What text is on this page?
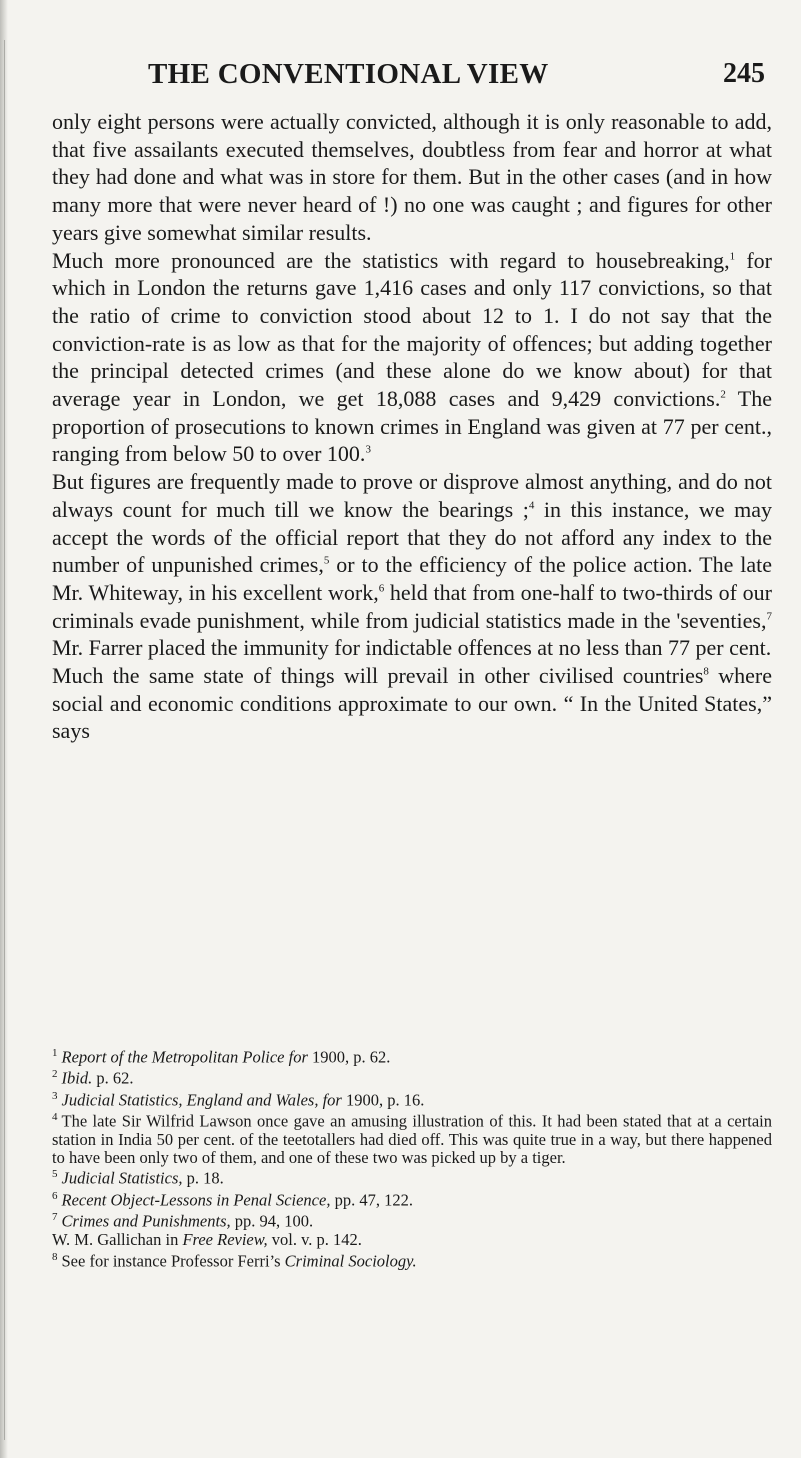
THE CONVENTIONAL VIEW	245

only eight persons were actually convicted, although it is only reasonable to add, that five assailants executed themselves, doubtless from fear and horror at what they had done and what was in store for them. But in the other cases (and in how many more that were never heard of !) no one was caught ; and figures for other years give somewhat similar results.

Much more pronounced are the statistics with regard to housebreaking,$^1$ for which in London the returns gave 1,416 cases and only 117 convictions, so that the ratio of crime to conviction stood about 12 to 1. I do not say that the conviction-rate is as low as that for the majority of offences; but adding together the principal detected crimes (and these alone do we know about) for that average year in London, we get 18,088 cases and 9,429 convictions.$^2$ The proportion of prosecutions to known crimes in England was given at 77 per cent., ranging from below 50 to over 100.$^3$

But figures are frequently made to prove or disprove almost anything, and do not always count for much till we know the bearings ;$^4$ in this instance, we may accept the words of the official report that they do not afford any index to the number of unpunished crimes,$^5$ or to the efficiency of the police action. The late Mr. Whiteway, in his excellent work,$^6$ held that from one-half to two-thirds of our criminals evade punishment, while from judicial statistics made in the 'seventies,$^7$ Mr. Farrer placed the immunity for indictable offences at no less than 77 per cent.

Much the same state of things will prevail in other civilised countries$^8$ where social and economic conditions approximate to our own. “ In the United States,” says

$^1$ Report of the Metropolitan Police for 1900, p. 62.

$^2$ Ibid. p. 62.

$^3$ Judicial Statistics, England and Wales, for 1900, p. 16.

$^4$ The late Sir Wilfrid Lawson once gave an amusing illustration of this. It had been stated that at a certain station in India 50 per cent. of the teetotallers had died off. This was quite true in a way, but there happened to have been only two of them, and one of these two was picked up by a tiger.

$^5$ Judicial Statistics, p. 18.

$^6$ Recent Object-Lessons in Penal Science, pp. 47, 122.

$^7$ Crimes and Punishments, pp. 94, 100.

W. M. Gallichan in Free Review, vol. v. p. 142.

$^8$ See for instance Professor Ferri’s Criminal Sociology.
